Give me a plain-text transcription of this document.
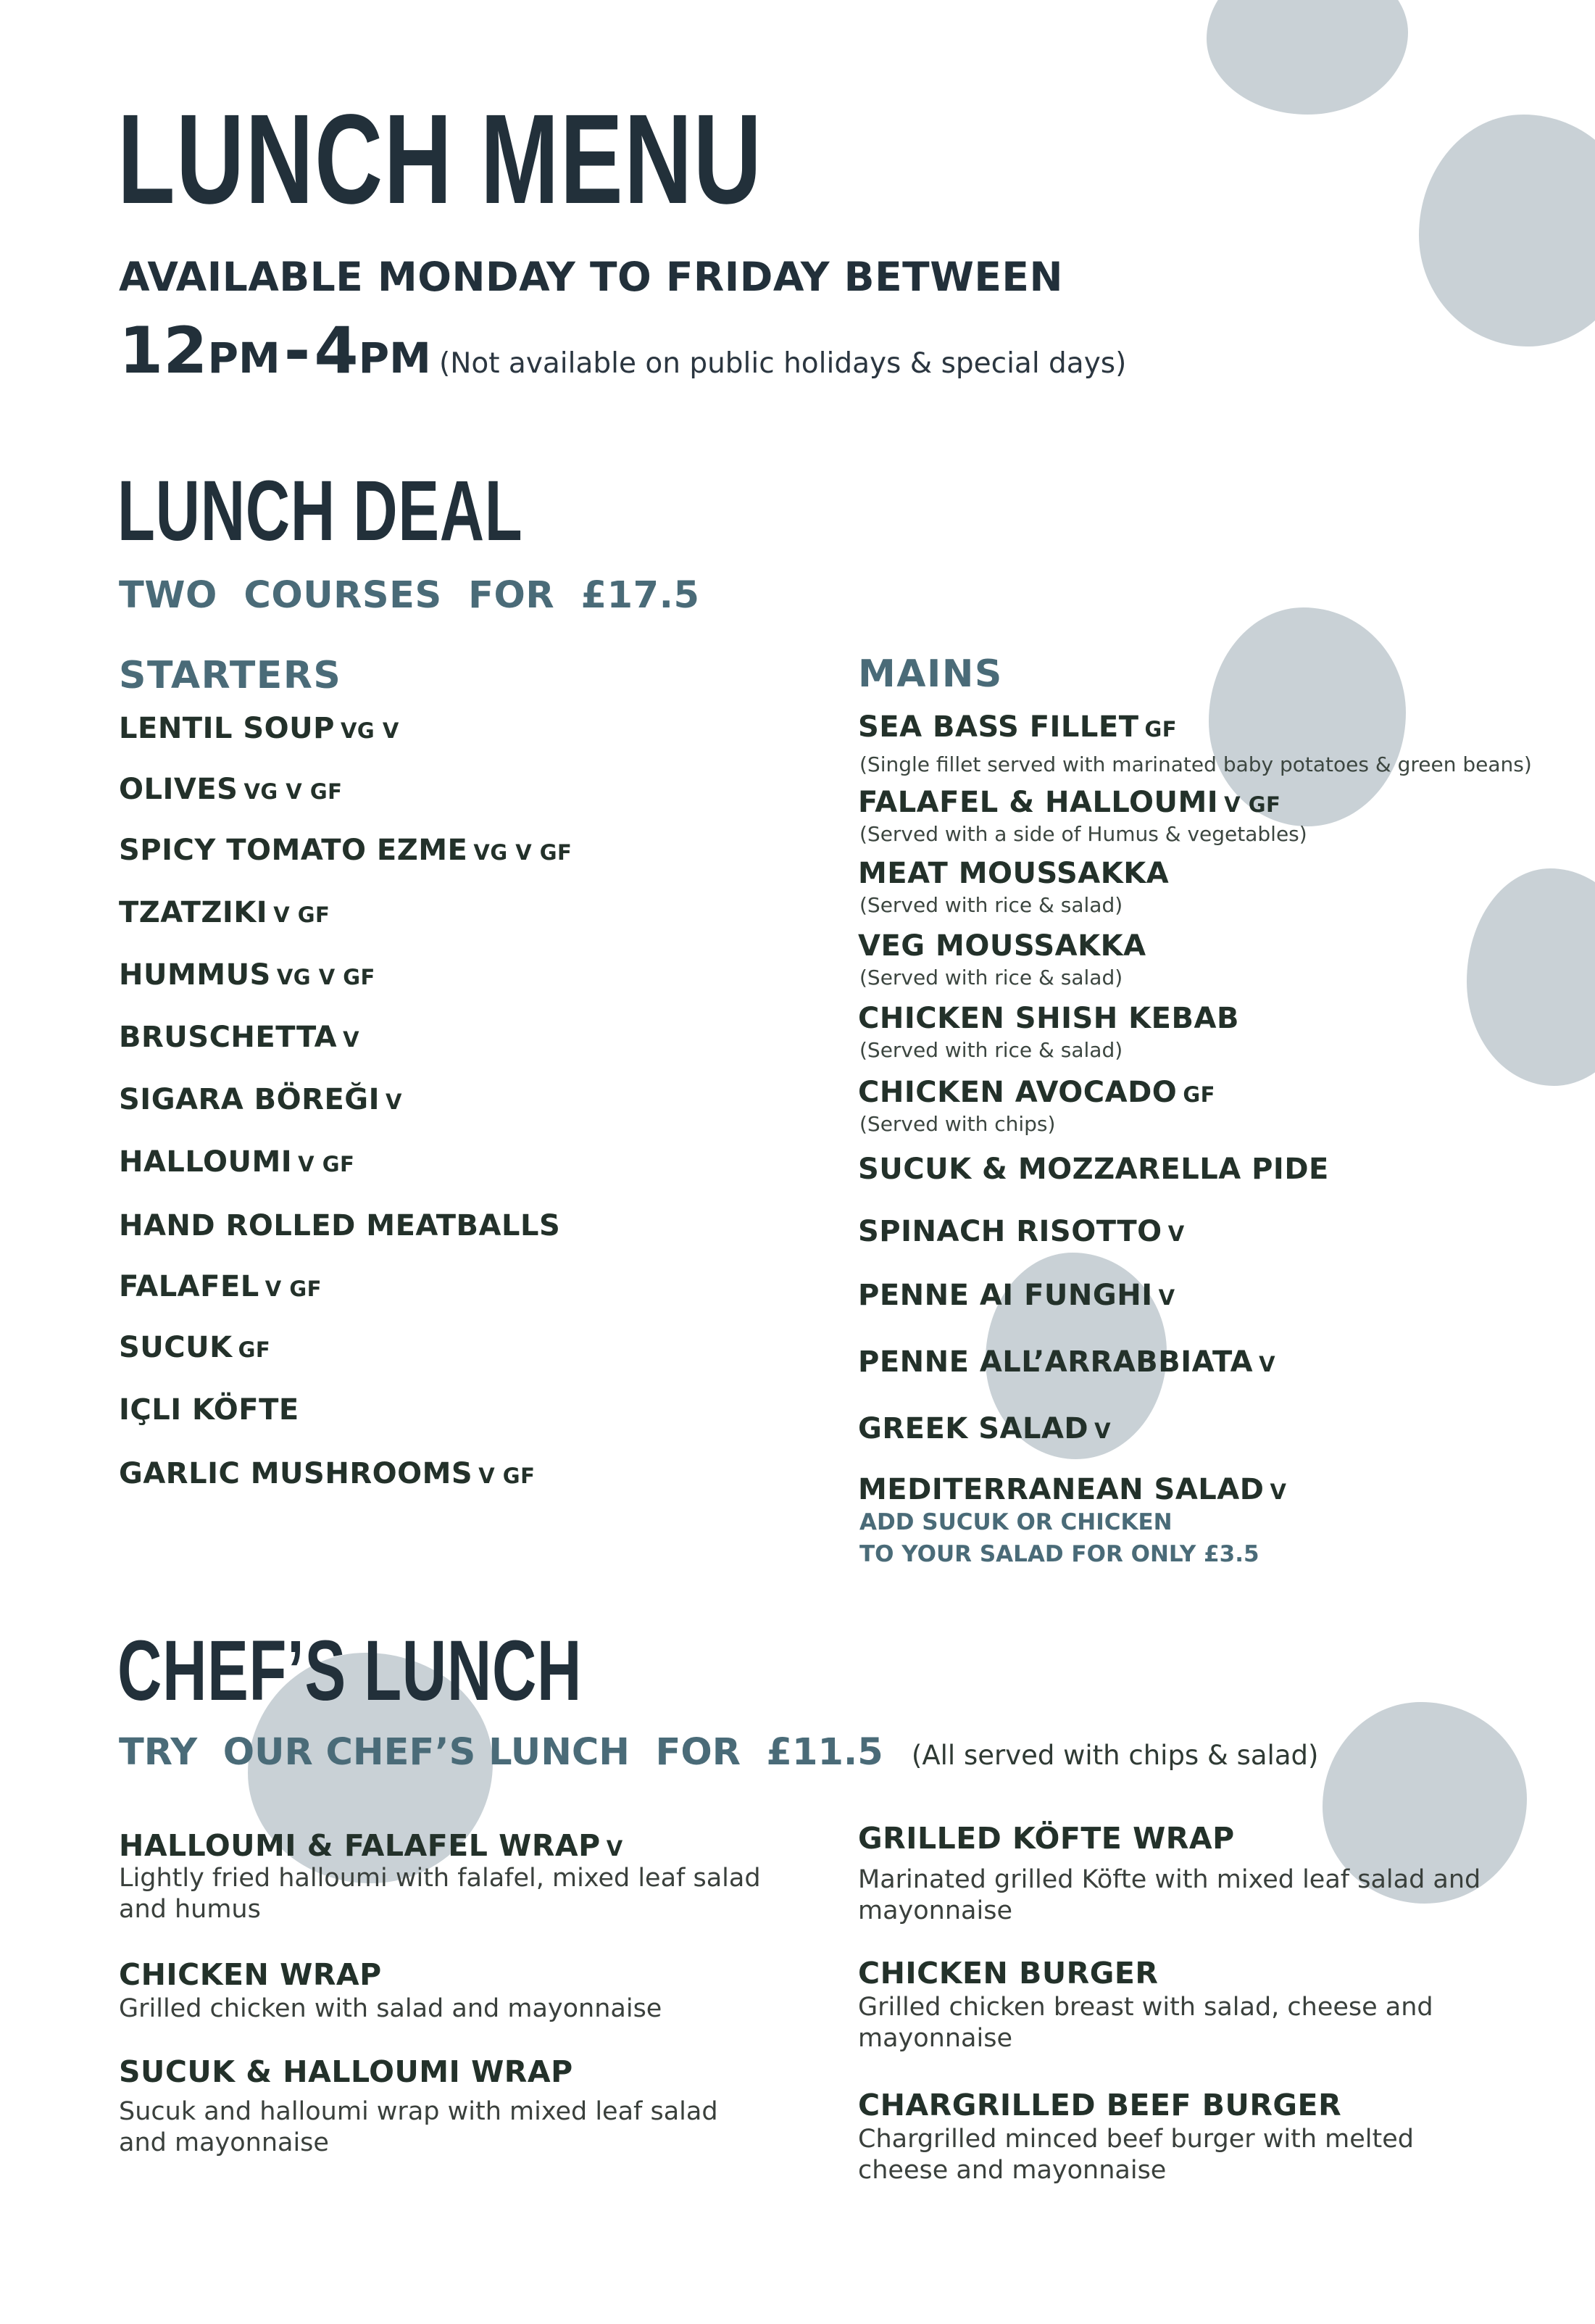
LUNCH MENU
AVAILABLE MONDAY TO FRIDAY BETWEEN
12PM - 4PM (Not available on public holidays & special days)
LUNCH DEAL
TWO  COURSES  FOR  £17.5
STARTERS	MAINS
LENTIL SOUP VG V
OLIVES VG V GF
SPICY TOMATO EZME VG V GF
TZATZIKI V GF
HUMMUS VG V GF
BRUSCHETTA V
SIGARA BÖREĞI V
HALLOUMI V GF
HAND ROLLED MEATBALLS
FALAFEL V GF
SUCUK GF
IÇLI KÖFTE
GARLIC MUSHROOMS V GF
SEA BASS FILLET GF
(Single fillet served with marinated baby potatoes & green beans)
FALAFEL & HALLOUMI V GF
(Served with a side of Humus & vegetables)
MEAT MOUSSAKKA
(Served with rice & salad)
VEG MOUSSAKKA
(Served with rice & salad)
CHICKEN SHISH KEBAB
(Served with rice & salad)
CHICKEN AVOCADO GF
(Served with chips)
SUCUK & MOZZARELLA PIDE
SPINACH RISOTTO V
PENNE AI FUNGHI V
PENNE ALL’ARRABBIATA V
GREEK SALAD V
MEDITERRANEAN SALAD V
ADD SUCUK OR CHICKEN
TO YOUR SALAD FOR ONLY £3.5
CHEF’S LUNCH
TRY  OUR CHEF’S LUNCH  FOR  £11.5 (All served with chips & salad)
HALLOUMI & FALAFEL WRAP V
Lightly fried halloumi with falafel, mixed leaf salad and humus
CHICKEN WRAP
Grilled chicken with salad and mayonnaise
SUCUK & HALLOUMI WRAP
Sucuk and halloumi wrap with mixed leaf salad and mayonnaise
GRILLED KÖFTE WRAP
Marinated grilled Köfte with mixed leaf salad and mayonnaise
CHICKEN BURGER
Grilled chicken breast with salad, cheese and mayonnaise
CHARGRILLED BEEF BURGER
Chargrilled minced beef burger with melted cheese and mayonnaise
